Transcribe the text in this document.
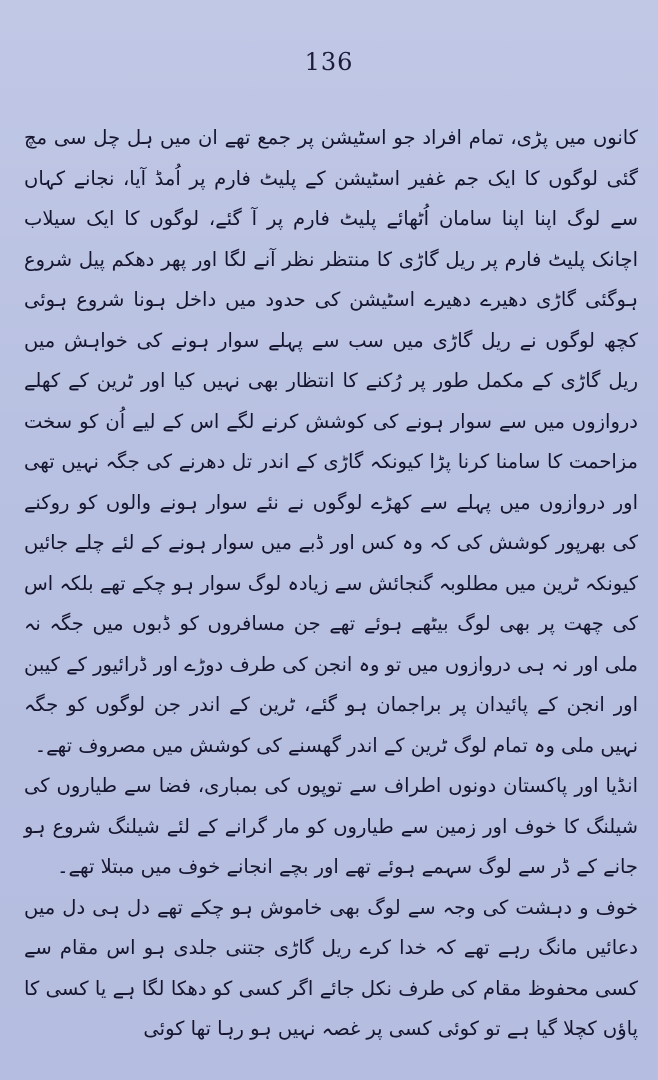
136

کانوں میں پڑی، تمام افراد جو اسٹیشن پر جمع تھے ان میں ہل چل سی مچ گئی لوگوں کا ایک جم غفیر اسٹیشن کے پلیٹ فارم پر اُمڈ آیا، نجانے کہاں سے لوگ اپنا اپنا سامان اُٹھائے پلیٹ فارم پر آ گئے، لوگوں کا ایک سیلاب اچانک پلیٹ فارم پر ریل گاڑی کا منتظر نظر آنے لگا اور پھر دھکم پیل شروع ہوگئی گاڑی دھیرے دھیرے اسٹیشن کی حدود میں داخل ہونا شروع ہوئی کچھ لوگوں نے ریل گاڑی میں سب سے پہلے سوار ہونے کی خواہش میں ریل گاڑی کے مکمل طور پر رُکنے کا انتظار بھی نہیں کیا اور ٹرین کے کھلے دروازوں میں سے سوار ہونے کی کوشش کرنے لگے اس کے لیے اُن کو سخت مزاحمت کا سامنا کرنا پڑا کیونکہ گاڑی کے اندر تل دھرنے کی جگہ نہیں تھی اور دروازوں میں پہلے سے کھڑے لوگوں نے نئے سوار ہونے والوں کو روکنے کی بھرپور کوشش کی کہ وہ کس اور ڈبے میں سوار ہونے کے لئے چلے جائیں کیونکہ ٹرین میں مطلوبہ گنجائش سے زیادہ لوگ سوار ہو چکے تھے بلکہ اس کی چھت پر بھی لوگ بیٹھے ہوئے تھے جن مسافروں کو ڈبوں میں جگہ نہ ملی اور نہ ہی دروازوں میں تو وہ انجن کی طرف دوڑے اور ڈرائیور کے کیبن اور انجن کے پائیدان پر براجمان ہو گئے، ٹرین کے اندر جن لوگوں کو جگہ نہیں ملی وہ تمام لوگ ٹرین کے اندر گھسنے کی کوشش میں مصروف تھے۔

انڈیا اور پاکستان دونوں اطراف سے توپوں کی بمباری، فضا سے طیاروں کی شیلنگ کا خوف اور زمین سے طیاروں کو مار گرانے کے لئے شیلنگ شروع ہو جانے کے ڈر سے لوگ سہمے ہوئے تھے اور بچے انجانے خوف میں مبتلا تھے۔

خوف و دہشت کی وجہ سے لوگ بھی خاموش ہو چکے تھے دل ہی دل میں دعائیں مانگ رہے تھے کہ خدا کرے ریل گاڑی جتنی جلدی ہو اس مقام سے کسی محفوظ مقام کی طرف نکل جائے اگر کسی کو دھکا لگا ہے یا کسی کا پاؤں کچلا گیا ہے تو کوئی کسی پر غصہ نہیں ہو رہا تھا کوئی
